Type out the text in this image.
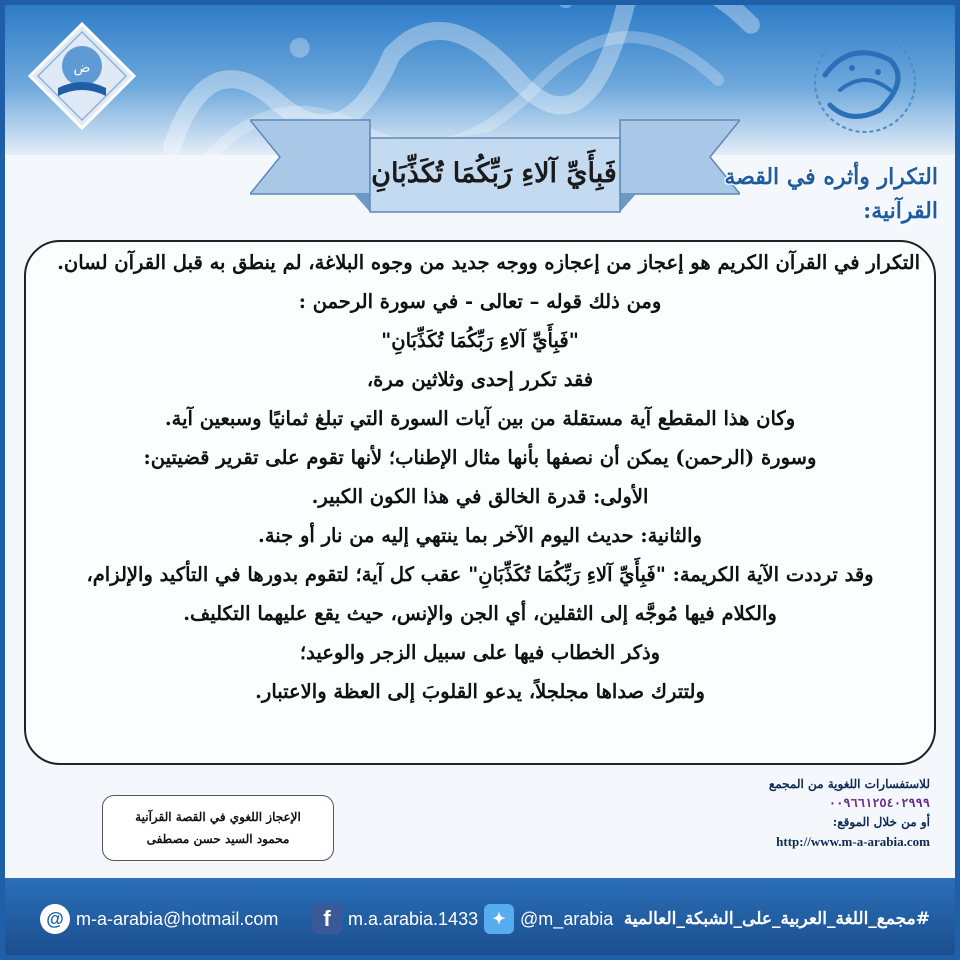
ض
فَبِأَيِّ آلاءِ رَبِّكُمَا تُكَذِّبَانِ	التكرار وأثره في القصة القرآنية:
التكرار في القرآن الكريم هو إعجاز من إعجازه ووجه جديد من وجوه البلاغة، لم ينطق به قبل القرآن لسان.
ومن ذلك قوله – تعالى - في سورة الرحمن :
"فَبِأَيِّ آلاءِ رَبِّكُمَا تُكَذِّبَانِ"
فقد تكرر إحدى وثلاثين مرة،
وكان هذا المقطع آية مستقلة من بين آيات السورة التي تبلغ ثمانيًا وسبعين آية.
وسورة (الرحمن) يمكن أن نصفها بأنها مثال الإطناب؛ لأنها تقوم على تقرير قضيتين:
الأولى: قدرة الخالق في هذا الكون الكبير.
والثانية: حديث اليوم الآخر بما ينتهي إليه من نار أو جنة.
وقد ترددت الآية الكريمة: "فَبِأَيِّ آلاءِ رَبِّكُمَا تُكَذِّبَانِ" عقب كل آية؛ لتقوم بدورها في التأكيد والإلزام،
والكلام فيها مُوجَّه إلى الثقلين، أي الجن والإنس، حيث يقع عليهما التكليف.
وذكر الخطاب فيها على سبيل الزجر والوعيد؛
ولتترك صداها مجلجلاً، يدعو القلوبَ إلى العظة والاعتبار.
للاستفسارات اللغوية من المجمع
٠٠٩٦٦١٢٥٤٠٢٩٩٩
أو من خلال الموقع:
http://www.m-a-arabia.com
الإعجاز اللغوي في القصة القرآنية
محمود السيد حسن مصطفى
@ m-a-arabia@hotmail.com	f m.a.arabia.1433 ✦ @m_arabia #مجمع_اللغة_العربية_على_الشبكة_العالمية
